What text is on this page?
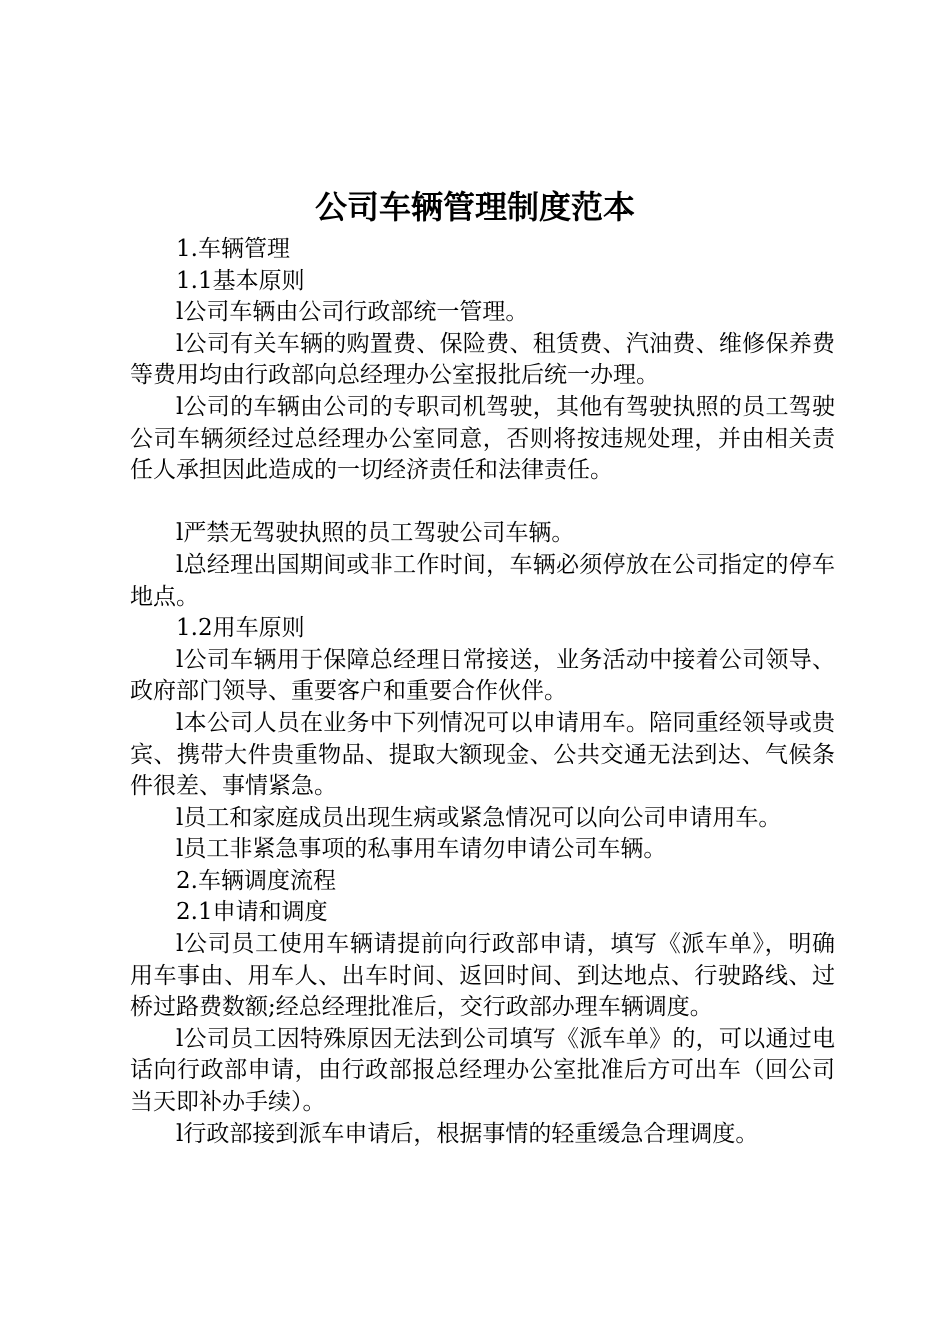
公司车辆管理制度范本

1.车辆管理

1.1基本原则

l公司车辆由公司行政部统一管理。

l公司有关车辆的购置费、保险费、租赁费、汽油费、维修保养费等费用均由行政部向总经理办公室报批后统一办理。

l公司的车辆由公司的专职司机驾驶，其他有驾驶执照的员工驾驶公司车辆须经过总经理办公室同意，否则将按违规处理，并由相关责任人承担因此造成的一切经济责任和法律责任。

l严禁无驾驶执照的员工驾驶公司车辆。

l总经理出国期间或非工作时间，车辆必须停放在公司指定的停车地点。

1.2用车原则

l公司车辆用于保障总经理日常接送，业务活动中接着公司领导、政府部门领导、重要客户和重要合作伙伴。

l本公司人员在业务中下列情况可以申请用车。陪同重经领导或贵宾、携带大件贵重物品、提取大额现金、公共交通无法到达、气候条件很差、事情紧急。

l员工和家庭成员出现生病或紧急情况可以向公司申请用车。

l员工非紧急事项的私事用车请勿申请公司车辆。

2.车辆调度流程

2.1申请和调度

l公司员工使用车辆请提前向行政部申请，填写《派车单》，明确用车事由、用车人、出车时间、返回时间、到达地点、行驶路线、过桥过路费数额;经总经理批准后，交行政部办理车辆调度。

l公司员工因特殊原因无法到公司填写《派车单》的，可以通过电话向行政部申请，由行政部报总经理办公室批准后方可出车（回公司当天即补办手续）。

l行政部接到派车申请后，根据事情的轻重缓急合理调度。
